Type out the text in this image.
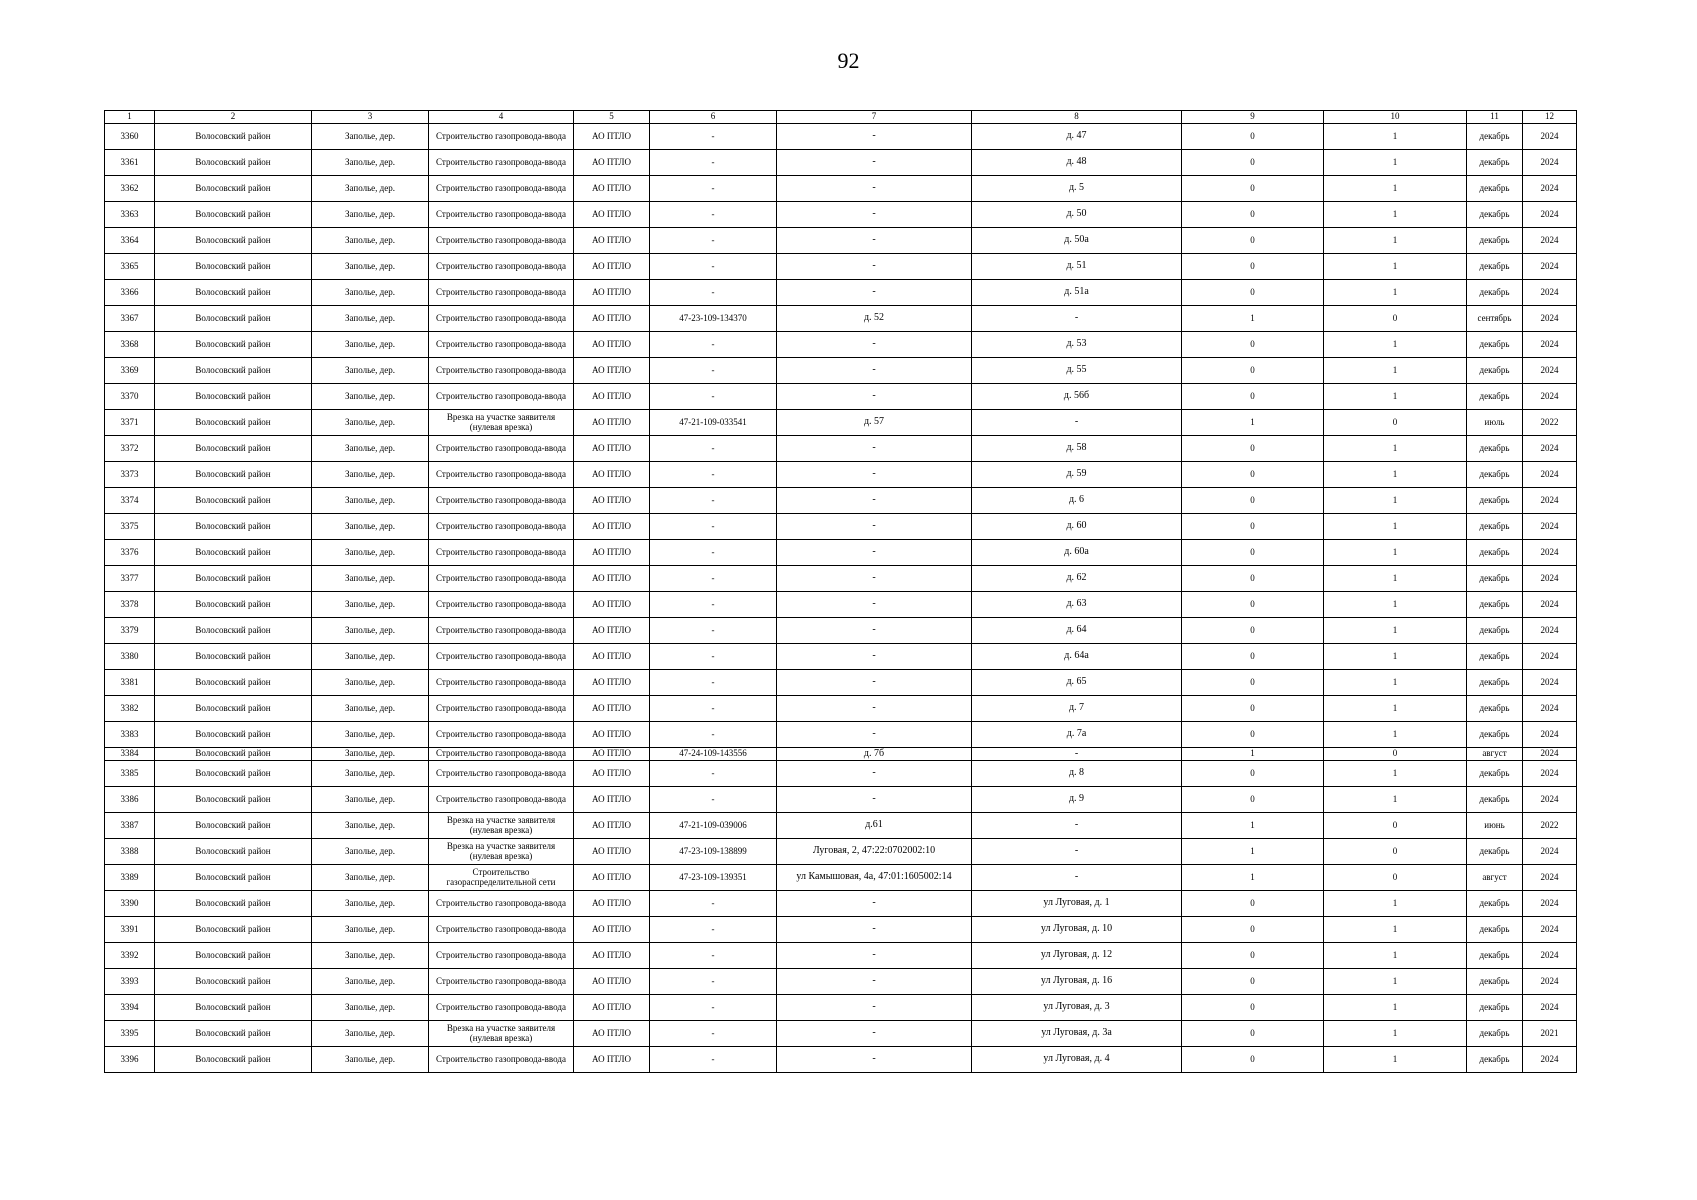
92
1	2	3	4	5	6	7	8	9	10	11	12
3360	Волосовский район	Заполье, дер.	Строительство газопровода-ввода	АО ПТЛО	-	-	д. 47	0	1	декабрь	2024
3361	Волосовский район	Заполье, дер.	Строительство газопровода-ввода	АО ПТЛО	-	-	д. 48	0	1	декабрь	2024
3362	Волосовский район	Заполье, дер.	Строительство газопровода-ввода	АО ПТЛО	-	-	д. 5	0	1	декабрь	2024
3363	Волосовский район	Заполье, дер.	Строительство газопровода-ввода	АО ПТЛО	-	-	д. 50	0	1	декабрь	2024
3364	Волосовский район	Заполье, дер.	Строительство газопровода-ввода	АО ПТЛО	-	-	д. 50а	0	1	декабрь	2024
3365	Волосовский район	Заполье, дер.	Строительство газопровода-ввода	АО ПТЛО	-	-	д. 51	0	1	декабрь	2024
3366	Волосовский район	Заполье, дер.	Строительство газопровода-ввода	АО ПТЛО	-	-	д. 51а	0	1	декабрь	2024
3367	Волосовский район	Заполье, дер.	Строительство газопровода-ввода	АО ПТЛО	47-23-109-134370	д. 52	-	1	0	сентябрь	2024
3368	Волосовский район	Заполье, дер.	Строительство газопровода-ввода	АО ПТЛО	-	-	д. 53	0	1	декабрь	2024
3369	Волосовский район	Заполье, дер.	Строительство газопровода-ввода	АО ПТЛО	-	-	д. 55	0	1	декабрь	2024
3370	Волосовский район	Заполье, дер.	Строительство газопровода-ввода	АО ПТЛО	-	-	д. 56б	0	1	декабрь	2024
3371	Волосовский район	Заполье, дер.	Врезка на участке заявителя (нулевая врезка)	АО ПТЛО	47-21-109-033541	д. 57	-	1	0	июль	2022
3372	Волосовский район	Заполье, дер.	Строительство газопровода-ввода	АО ПТЛО	-	-	д. 58	0	1	декабрь	2024
3373	Волосовский район	Заполье, дер.	Строительство газопровода-ввода	АО ПТЛО	-	-	д. 59	0	1	декабрь	2024
3374	Волосовский район	Заполье, дер.	Строительство газопровода-ввода	АО ПТЛО	-	-	д. 6	0	1	декабрь	2024
3375	Волосовский район	Заполье, дер.	Строительство газопровода-ввода	АО ПТЛО	-	-	д. 60	0	1	декабрь	2024
3376	Волосовский район	Заполье, дер.	Строительство газопровода-ввода	АО ПТЛО	-	-	д. 60а	0	1	декабрь	2024
3377	Волосовский район	Заполье, дер.	Строительство газопровода-ввода	АО ПТЛО	-	-	д. 62	0	1	декабрь	2024
3378	Волосовский район	Заполье, дер.	Строительство газопровода-ввода	АО ПТЛО	-	-	д. 63	0	1	декабрь	2024
3379	Волосовский район	Заполье, дер.	Строительство газопровода-ввода	АО ПТЛО	-	-	д. 64	0	1	декабрь	2024
3380	Волосовский район	Заполье, дер.	Строительство газопровода-ввода	АО ПТЛО	-	-	д. 64а	0	1	декабрь	2024
3381	Волосовский район	Заполье, дер.	Строительство газопровода-ввода	АО ПТЛО	-	-	д. 65	0	1	декабрь	2024
3382	Волосовский район	Заполье, дер.	Строительство газопровода-ввода	АО ПТЛО	-	-	д. 7	0	1	декабрь	2024
3383	Волосовский район	Заполье, дер.	Строительство газопровода-ввода	АО ПТЛО	-	-	д. 7а	0	1	декабрь	2024
3384	Волосовский район	Заполье, дер.	Строительство газопровода-ввода	АО ПТЛО	47-24-109-143556	д. 7б	-	1	0	август	2024
3385	Волосовский район	Заполье, дер.	Строительство газопровода-ввода	АО ПТЛО	-	-	д. 8	0	1	декабрь	2024
3386	Волосовский район	Заполье, дер.	Строительство газопровода-ввода	АО ПТЛО	-	-	д. 9	0	1	декабрь	2024
3387	Волосовский район	Заполье, дер.	Врезка на участке заявителя (нулевая врезка)	АО ПТЛО	47-21-109-039006	д.61	-	1	0	июнь	2022
3388	Волосовский район	Заполье, дер.	Врезка на участке заявителя (нулевая врезка)	АО ПТЛО	47-23-109-138899	Луговая, 2, 47:22:0702002:10	-	1	0	декабрь	2024
3389	Волосовский район	Заполье, дер.	Строительство газораспределительной сети	АО ПТЛО	47-23-109-139351	ул Камышовая, 4а, 47:01:1605002:14	-	1	0	август	2024
3390	Волосовский район	Заполье, дер.	Строительство газопровода-ввода	АО ПТЛО	-	-	ул Луговая, д. 1	0	1	декабрь	2024
3391	Волосовский район	Заполье, дер.	Строительство газопровода-ввода	АО ПТЛО	-	-	ул Луговая, д. 10	0	1	декабрь	2024
3392	Волосовский район	Заполье, дер.	Строительство газопровода-ввода	АО ПТЛО	-	-	ул Луговая, д. 12	0	1	декабрь	2024
3393	Волосовский район	Заполье, дер.	Строительство газопровода-ввода	АО ПТЛО	-	-	ул Луговая, д. 16	0	1	декабрь	2024
3394	Волосовский район	Заполье, дер.	Строительство газопровода-ввода	АО ПТЛО	-	-	ул Луговая, д. 3	0	1	декабрь	2024
3395	Волосовский район	Заполье, дер.	Врезка на участке заявителя (нулевая врезка)	АО ПТЛО	-	-	ул Луговая, д. 3а	0	1	декабрь	2021
3396	Волосовский район	Заполье, дер.	Строительство газопровода-ввода	АО ПТЛО	-	-	ул Луговая, д. 4	0	1	декабрь	2024
